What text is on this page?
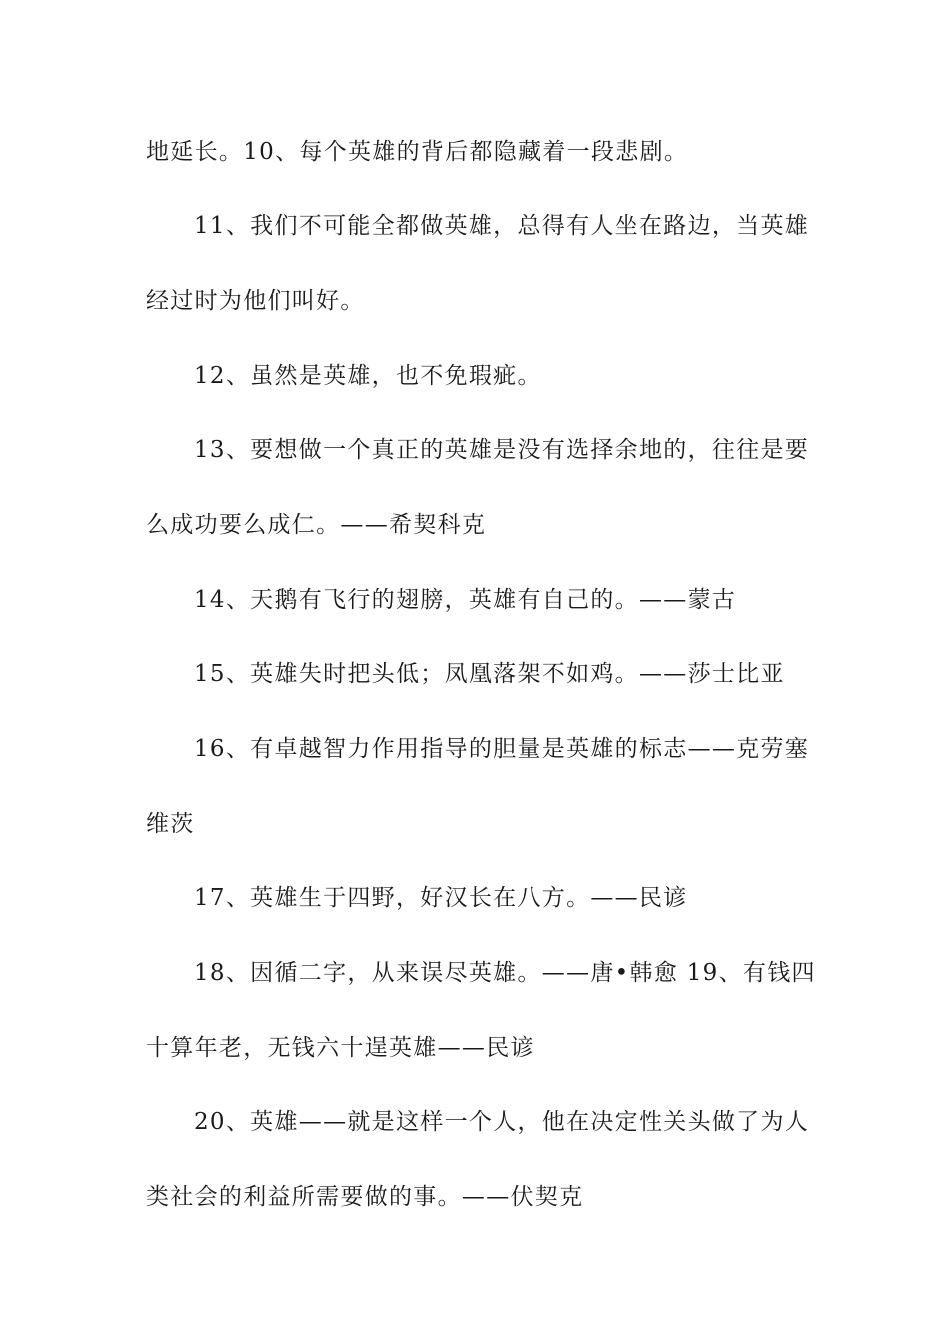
地延长。10、每个英雄的背后都隐藏着一段悲剧。
11、我们不可能全都做英雄，总得有人坐在路边，当英雄
经过时为他们叫好。
12、虽然是英雄，也不免瑕疵。
13、要想做一个真正的英雄是没有选择余地的，往往是要
么成功要么成仁。——希契科克
14、天鹅有飞行的翅膀，英雄有自己的。——蒙古
15、英雄失时把头低；凤凰落架不如鸡。——莎士比亚
16、有卓越智力作用指导的胆量是英雄的标志——克劳塞
维茨
17、英雄生于四野，好汉长在八方。——民谚
18、因循二字，从来误尽英雄。——唐•韩愈 19、有钱四
十算年老，无钱六十逞英雄——民谚
20、英雄——就是这样一个人，他在决定性关头做了为人
类社会的利益所需要做的事。——伏契克
